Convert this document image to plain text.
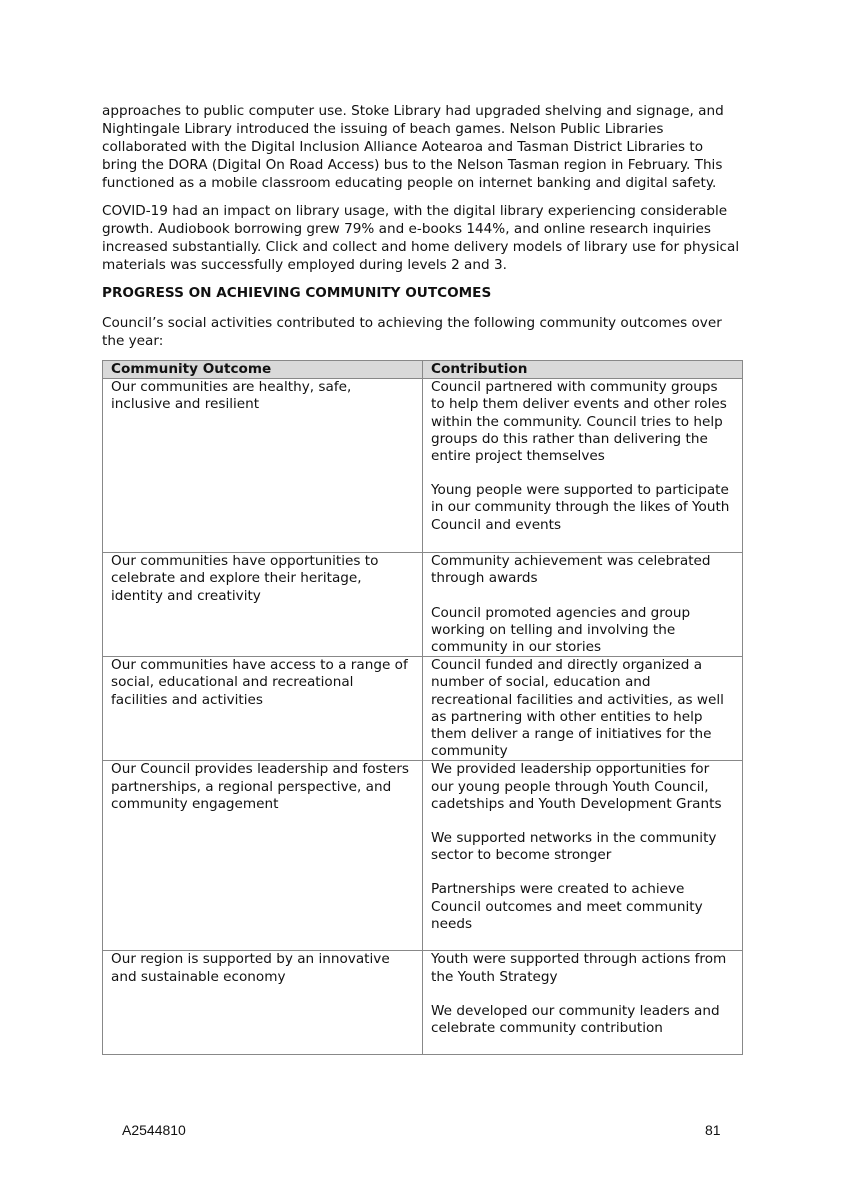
approaches to public computer use. Stoke Library had upgraded shelving and signage, and Nightingale Library introduced the issuing of beach games. Nelson Public Libraries collaborated with the Digital Inclusion Alliance Aotearoa and Tasman District Libraries to bring the DORA (Digital On Road Access) bus to the Nelson Tasman region in February. This functioned as a mobile classroom educating people on internet banking and digital safety.

COVID-19 had an impact on library usage, with the digital library experiencing considerable growth. Audiobook borrowing grew 79% and e-books 144%, and online research inquiries increased substantially. Click and collect and home delivery models of library use for physical materials was successfully employed during levels 2 and 3.

PROGRESS ON ACHIEVING COMMUNITY OUTCOMES

Council’s social activities contributed to achieving the following community outcomes over the year:

Community Outcome	Contribution
Our communities are healthy, safe, inclusive and resilient	Council partnered with community groups to help them deliver events and other roles within the community. Council tries to help groups do this rather than delivering the entire project themselves

Young people were supported to participate in our community through the likes of Youth Council and events

Our communities have opportunities to celebrate and explore their heritage, identity and creativity	Community achievement was celebrated through awards

Council promoted agencies and group working on telling and involving the community in our stories

Our communities have access to a range of social, educational and recreational facilities and activities	Council funded and directly organized a number of social, education and recreational facilities and activities, as well as partnering with other entities to help them deliver a range of initiatives for the community

Our Council provides leadership and fosters partnerships, a regional perspective, and community engagement	We provided leadership opportunities for our young people through Youth Council, cadetships and Youth Development Grants

We supported networks in the community sector to become stronger

Partnerships were created to achieve Council outcomes and meet community needs

Our region is supported by an innovative and sustainable economy	Youth were supported through actions from the Youth Strategy

We developed our community leaders and celebrate community contribution

A2544810	81
